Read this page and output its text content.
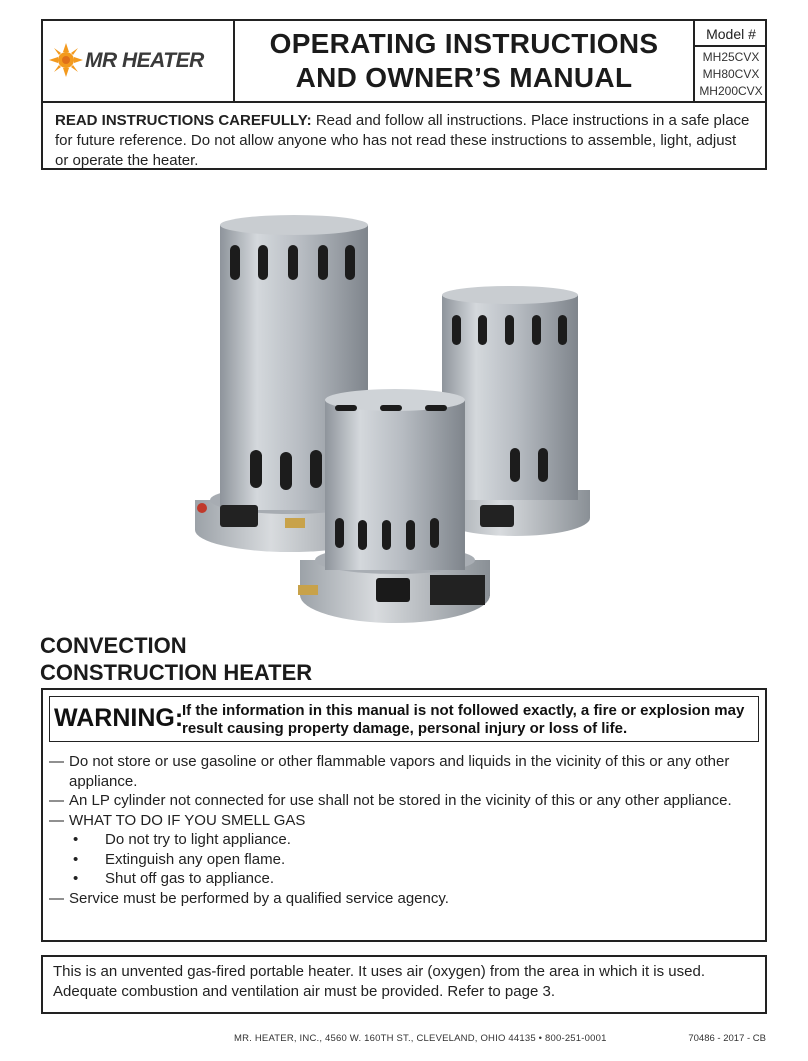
MR HEATER
OPERATING INSTRUCTIONS
AND OWNER’S MANUAL
Model #
MH25CVX
MH80CVX
MH200CVX
READ INSTRUCTIONS CAREFULLY: Read and follow all instructions. Place instructions in a safe place for future reference. Do not allow anyone who has not read these instructions to assemble, light, adjust or operate the heater.
CONVECTION
CONSTRUCTION HEATER
WARNING:
If the information in this manual is not followed exactly, a fire or explosion may result causing property damage, personal injury or loss of life.
— Do not store or use gasoline or other flammable vapors and liquids in the vicinity of this or any other appliance.
— An LP cylinder not connected for use shall not be stored in the vicinity of this or any other appliance.
— WHAT TO DO IF YOU SMELL GAS
•	Do not try to light appliance.
•	Extinguish any open flame.
•	Shut off gas to appliance.
— Service must be performed by a qualified service agency.
This is an unvented gas-fired portable heater. It uses air (oxygen) from the area in which it is used. Adequate combustion and ventilation air must be provided. Refer to page 3.
MR. HEATER, INC., 4560 W. 160TH ST., CLEVELAND, OHIO 44135 • 800-251-0001	70486 - 2017 - CB
